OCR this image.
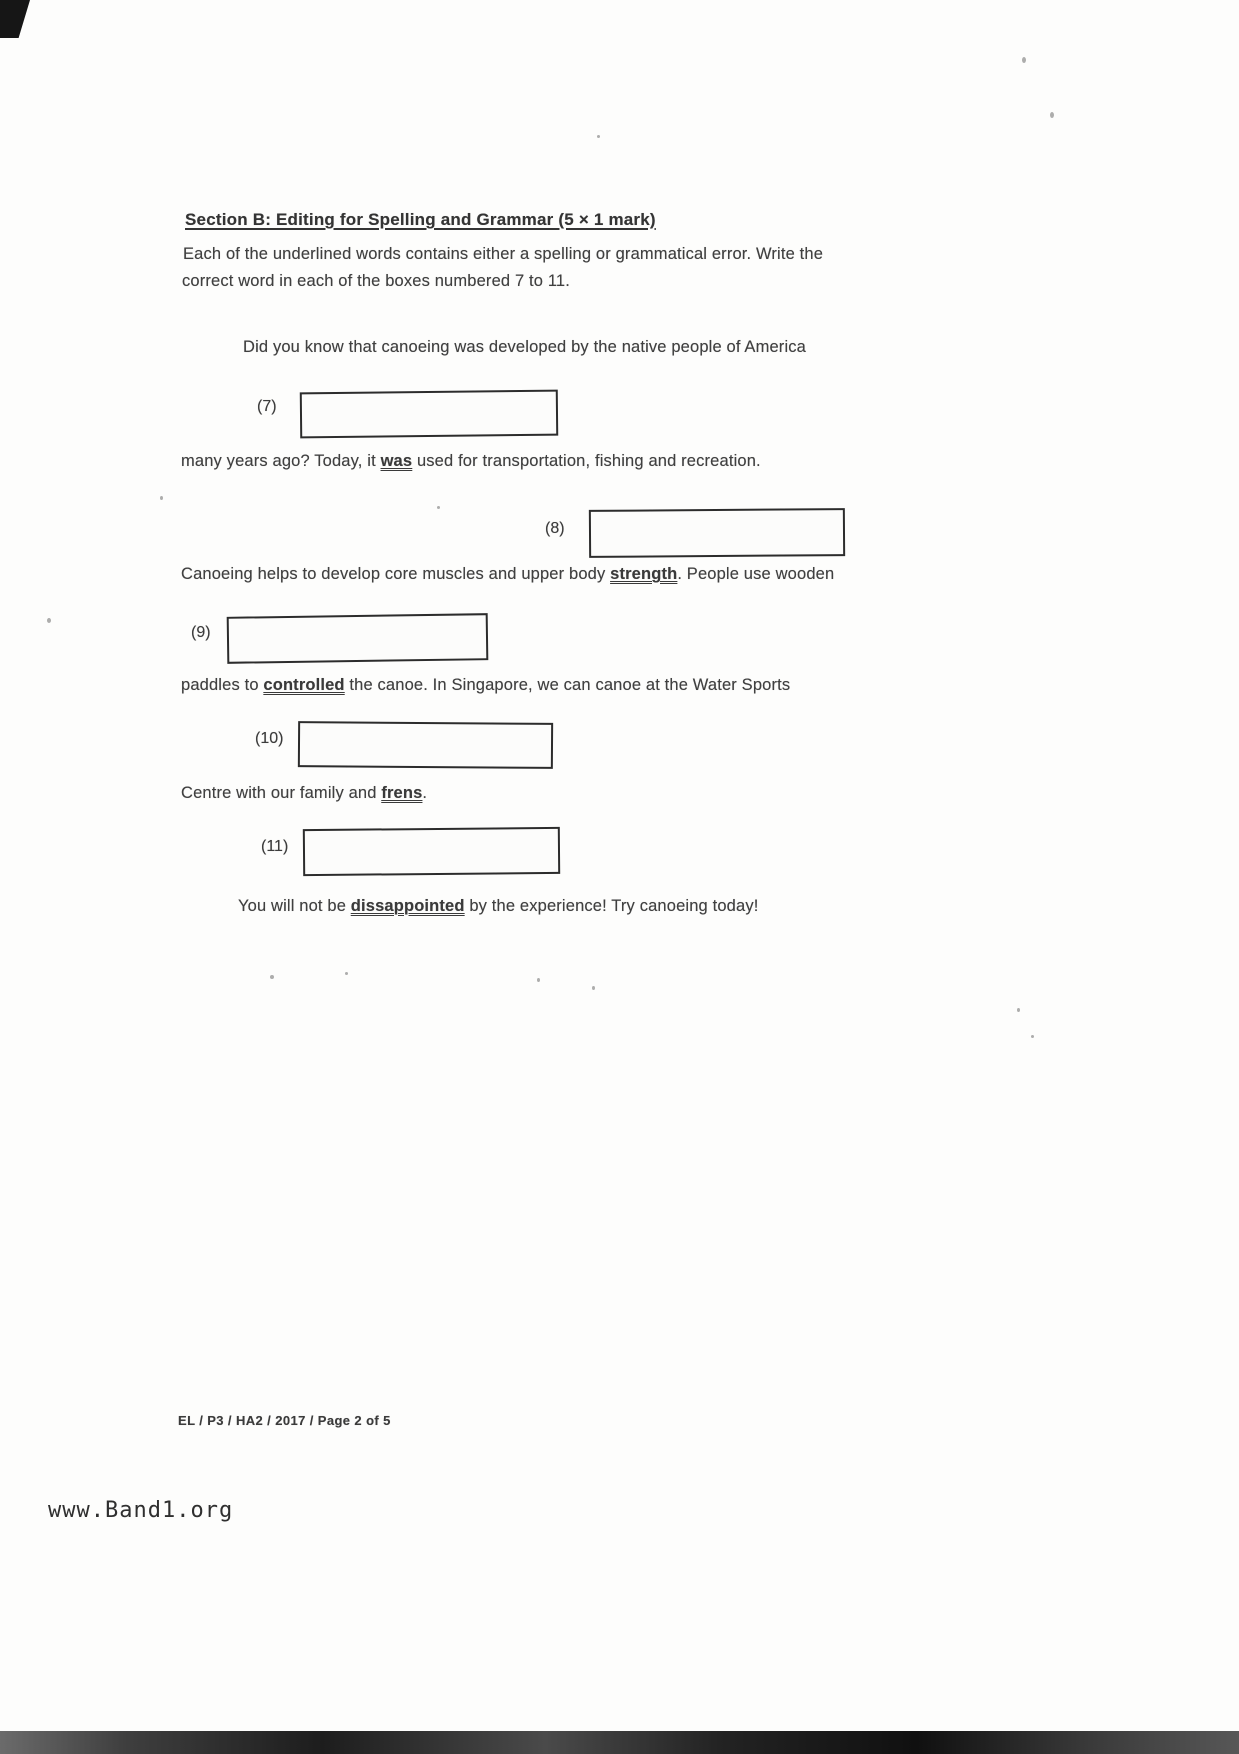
Section B: Editing for Spelling and Grammar (5 × 1 mark)
Each of the underlined words contains either a spelling or grammatical error. Write the
correct word in each of the boxes numbered 7 to 11.
Did you know that canoeing was developed by the native people of America
(7)
many years ago? Today, it was used for transportation, fishing and recreation.
(8)
Canoeing helps to develop core muscles and upper body strength. People use wooden
(9)
paddles to controlled the canoe. In Singapore, we can canoe at the Water Sports
(10)
Centre with our family and frens.
(11)
You will not be dissappointed by the experience! Try canoeing today!
EL / P3 / HA2 / 2017 / Page 2 of 5
www.Band1.org
